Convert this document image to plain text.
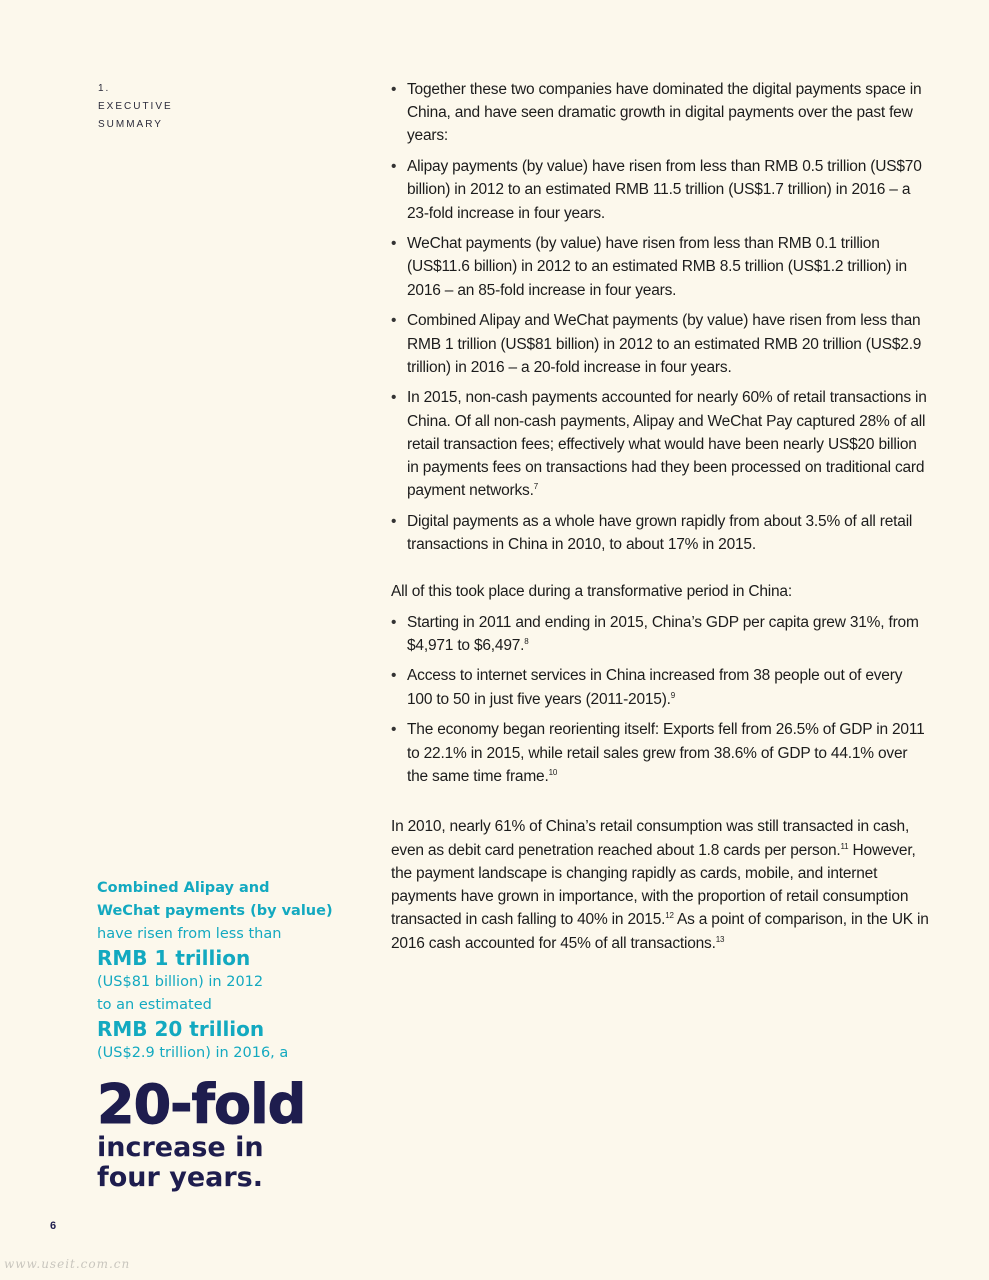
1.
EXECUTIVE
SUMMARY
• Together these two companies have dominated the digital payments space in China, and have seen dramatic growth in digital payments over the past few years:
• Alipay payments (by value) have risen from less than RMB 0.5 trillion (US$70 billion) in 2012 to an estimated RMB 11.5 trillion (US$1.7 trillion) in 2016 – a 23-fold increase in four years.
• WeChat payments (by value) have risen from less than RMB 0.1 trillion (US$11.6 billion) in 2012 to an estimated RMB 8.5 trillion (US$1.2 trillion) in 2016 – an 85-fold increase in four years.
• Combined Alipay and WeChat payments (by value) have risen from less than RMB 1 trillion (US$81 billion) in 2012 to an estimated RMB 20 trillion (US$2.9 trillion) in 2016 – a 20-fold increase in four years.
• In 2015, non-cash payments accounted for nearly 60% of retail transactions in China. Of all non-cash payments, Alipay and WeChat Pay captured 28% of all retail transaction fees; effectively what would have been nearly US$20 billion in payments fees on transactions had they been processed on traditional card payment networks.$^7$
• Digital payments as a whole have grown rapidly from about 3.5% of all retail transactions in China in 2010, to about 17% in 2015.

All of this took place during a transformative period in China:

• Starting in 2011 and ending in 2015, China’s GDP per capita grew 31%, from $4,971 to $6,497.$^8$
• Access to internet services in China increased from 38 people out of every 100 to 50 in just five years (2011-2015).$^9$
• The economy began reorienting itself: Exports fell from 26.5% of GDP in 2011 to 22.1% in 2015, while retail sales grew from 38.6% of GDP to 44.1% over the same time frame.$^{10}$

In 2010, nearly 61% of China’s retail consumption was still transacted in cash, even as debit card penetration reached about 1.8 cards per person.$^{11}$ However, the payment landscape is changing rapidly as cards, mobile, and internet payments have grown in importance, with the proportion of retail consumption transacted in cash falling to 40% in 2015.12 As a point of comparison, in the UK in 2016 cash accounted for 45% of all transactions.$^{13}$

Combined Alipay and
WeChat payments (by value)
have risen from less than
RMB 1 trillion
(US$81 billion) in 2012
to an estimated
RMB 20 trillion
(US$2.9 trillion) in 2016, a
20-fold
increase in
four years.
6
www.useit.com.cn
